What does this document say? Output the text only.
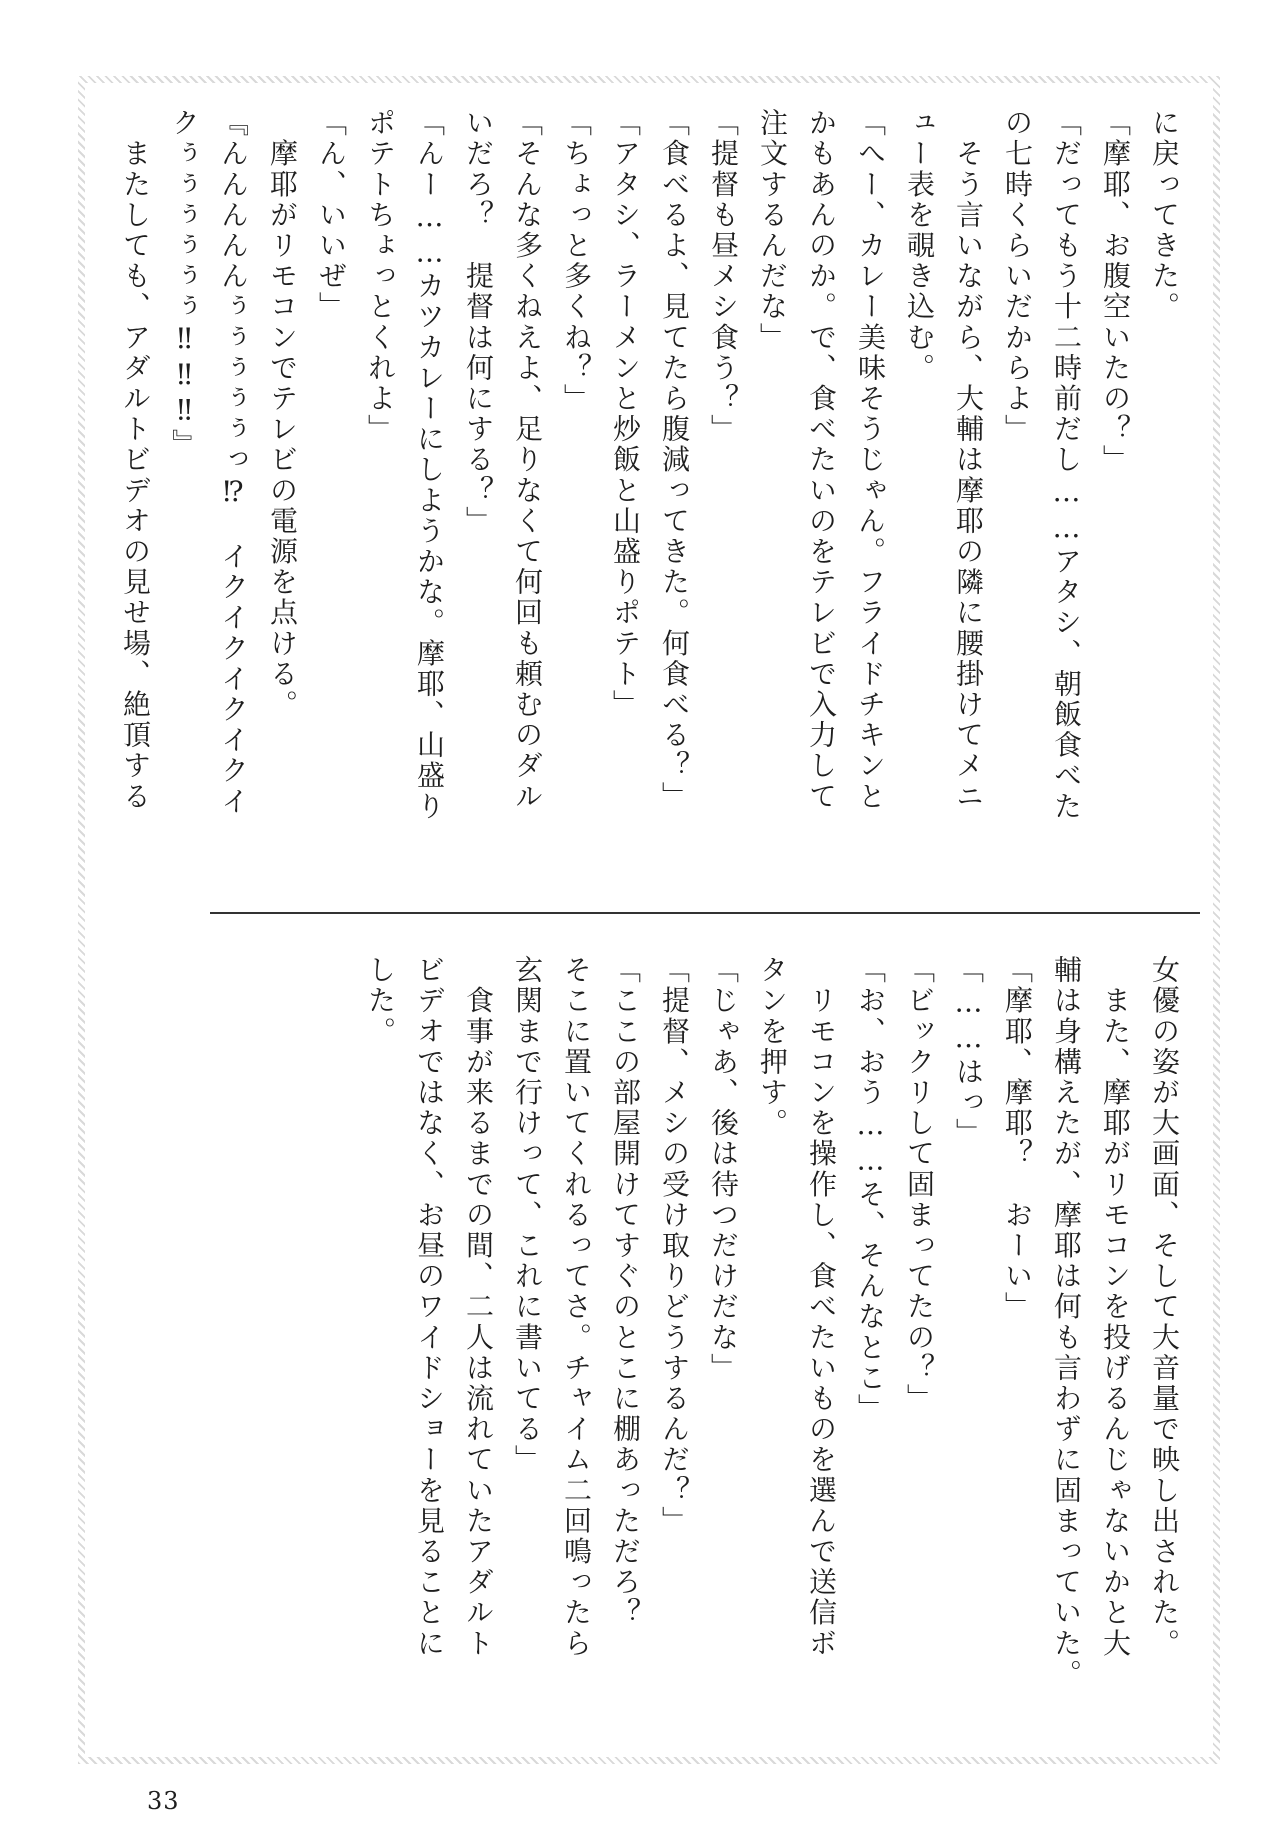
に戻ってきた。
「摩耶、お腹空いたの？」
「だってもう十二時前だし……アタシ、朝飯食べた
の七時くらいだからよ」
　そう言いながら、大輔は摩耶の隣に腰掛けてメニ
ュー表を覗き込む。
「へー、カレー美味そうじゃん。フライドチキンと
かもあんのか。で、食べたいのをテレビで入力して
注文するんだな」
「提督も昼メシ食う？」
「食べるよ、見てたら腹減ってきた。何食べる？」
「アタシ、ラーメンと炒飯と山盛りポテト」
「ちょっと多くね？」
「そんな多くねえよ、足りなくて何回も頼むのダル
いだろ？　提督は何にする？」
「んー……カツカレーにしようかな。摩耶、山盛り
ポテトちょっとくれよ」
「ん、いいぜ」
　摩耶がリモコンでテレビの電源を点ける。
『んんんんんぅぅぅぅぅっ⁉　イクイクイクイクイ
クぅぅぅぅぅぅ‼‼‼』
　またしても、アダルトビデオの見せ場、絶頂する
女優の姿が大画面、そして大音量で映し出された。
　また、摩耶がリモコンを投げるんじゃないかと大
輔は身構えたが、摩耶は何も言わずに固まっていた。
「摩耶、摩耶？　おーい」
「……はっ」
「ビックリして固まってたの？」
「お、おう……そ、そんなとこ」
　リモコンを操作し、食べたいものを選んで送信ボ
タンを押す。
「じゃあ、後は待つだけだな」
「提督、メシの受け取りどうするんだ？」
「ここの部屋開けてすぐのとこに棚あっただろ？
そこに置いてくれるってさ。チャイム二回鳴ったら
玄関まで行けって、これに書いてる」
　食事が来るまでの間、二人は流れていたアダルト
ビデオではなく、お昼のワイドショーを見ることに
した。
33
